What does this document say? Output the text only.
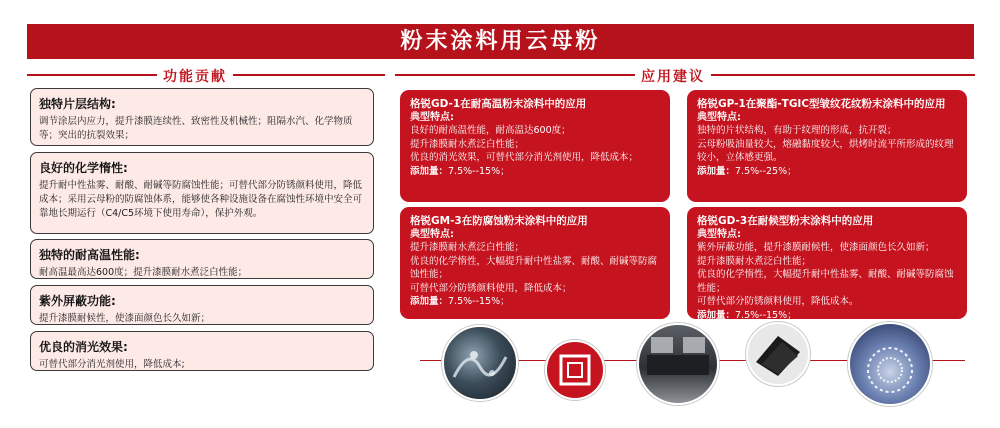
粉末涂料用云母粉
功能贡献	应用建议
独特片层结构:
调节涂层内应力，提升漆膜连续性、致密性及机械性；阻隔水汽、化学物质等；突出的抗裂效果；
良好的化学惰性:
提升耐中性盐雾、耐酸、耐碱等防腐蚀性能；可替代部分防锈颜料使用，降低成本；采用云母粉的防腐蚀体系，能够使各种设施设备在腐蚀性环境中安全可靠地长期运行（C4/C5环境下使用寿命），保护外观。
独特的耐高温性能:
耐高温最高达600度；提升漆膜耐水煮泛白性能；
紫外屏蔽功能:
提升漆膜耐候性，使漆面颜色长久如新；
优良的消光效果:
可替代部分消光剂使用，降低成本;
格锐GD-1在耐高温粉末涂料中的应用
典型特点:
良好的耐高温性能，耐高温达600度；
提升漆膜耐水煮泛白性能；
优良的消光效果，可替代部分消光剂使用，降低成本；
添加量：7.5%--15%；
格锐GP-1在聚酯-TGIC型皱纹花纹粉末涂料中的应用
典型特点:
独特的片状结构，有助于纹理的形成，抗开裂；
云母粉吸油量较大，熔融黏度较大，烘烤时流平所形成的纹理较小，立体感更强。
添加量：7.5%--25%；
格锐GM-3在防腐蚀粉末涂料中的应用
典型特点:
提升漆膜耐水煮泛白性能；
优良的化学惰性，大幅提升耐中性盐雾、耐酸、耐碱等防腐蚀性能；
可替代部分防锈颜料使用，降低成本；
添加量：7.5%--15%；
格锐GD-3在耐候型粉末涂料中的应用
典型特点:
紫外屏蔽功能，提升漆膜耐候性，使漆面颜色长久如新；
提升漆膜耐水煮泛白性能；
优良的化学惰性，大幅提升耐中性盐雾、耐酸、耐碱等防腐蚀性能；
可替代部分防锈颜料使用，降低成本。
添加量：7.5%--15%；
